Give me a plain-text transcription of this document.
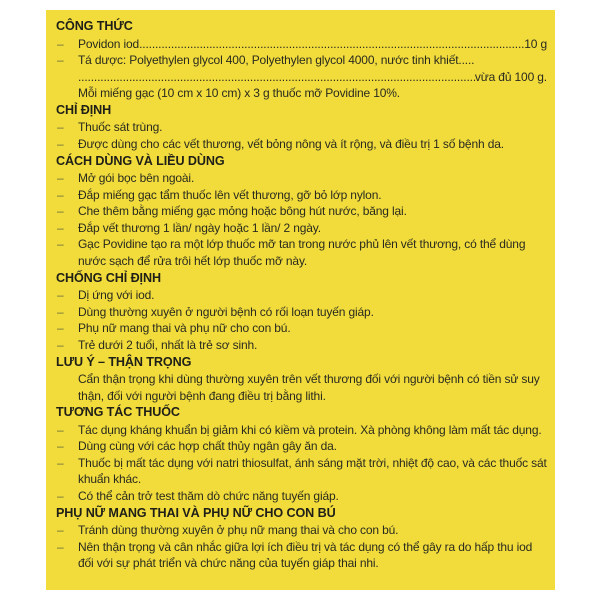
CÔNG THỨC
– Povidon iod .....	10 g
– Tá dược: Polyethylen glycol 400, Polyethylen glycol 4000, nước tinh khiết.....
.....
vừa đủ 100 g.
Mỗi miếng gạc (10 cm x 10 cm) x 3 g thuốc mỡ Povidine 10%.
CHỈ ĐỊNH
– Thuốc sát trùng.
– Được dùng cho các vết thương, vết bỏng nông và ít rộng, và điều trị 1 số bệnh da.
CÁCH DÙNG VÀ LIỀU DÙNG
– Mở gói bọc bên ngoài.
– Đắp miếng gạc tẩm thuốc lên vết thương, gỡ bỏ lớp nylon.
– Che thêm bằng miếng gạc mỏng hoặc bông hút nước, băng lại.
– Đắp vết thương 1 lần/ ngày hoặc 1 lần/ 2 ngày.
– Gạc Povidine tạo ra một lớp thuốc mỡ tan trong nước phủ lên vết thương, có thể dùng nước sạch để rửa trôi hết lớp thuốc mỡ này.
CHỐNG CHỈ ĐỊNH
– Dị ứng với iod.
– Dùng thường xuyên ở người bệnh có rối loạn tuyến giáp.
– Phụ nữ mang thai và phụ nữ cho con bú.
– Trẻ dưới 2 tuổi, nhất là trẻ sơ sinh.
LƯU Ý – THẬN TRỌNG
Cẩn thận trọng khi dùng thường xuyên trên vết thương đối với người bệnh có tiền sử suy thận, đối với người bệnh đang điều trị bằng lithi.
TƯƠNG TÁC THUỐC
– Tác dụng kháng khuẩn bị giảm khi có kiềm và protein. Xà phòng không làm mất tác dụng.
– Dùng cùng với các hợp chất thủy ngân gây ăn da.
– Thuốc bị mất tác dụng với natri thiosulfat, ánh sáng mặt trời, nhiệt độ cao, và các thuốc sát khuẩn khác.
– Có thể cản trở test thăm dò chức năng tuyến giáp.
PHỤ NỮ MANG THAI VÀ PHỤ NỮ CHO CON BÚ
– Tránh dùng thường xuyên ở phụ nữ mang thai và cho con bú.
– Nên thận trọng và cân nhắc giữa lợi ích điều trị và tác dụng có thể gây ra do hấp thu iod đối với sự phát triển và chức năng của tuyến giáp thai nhi.
